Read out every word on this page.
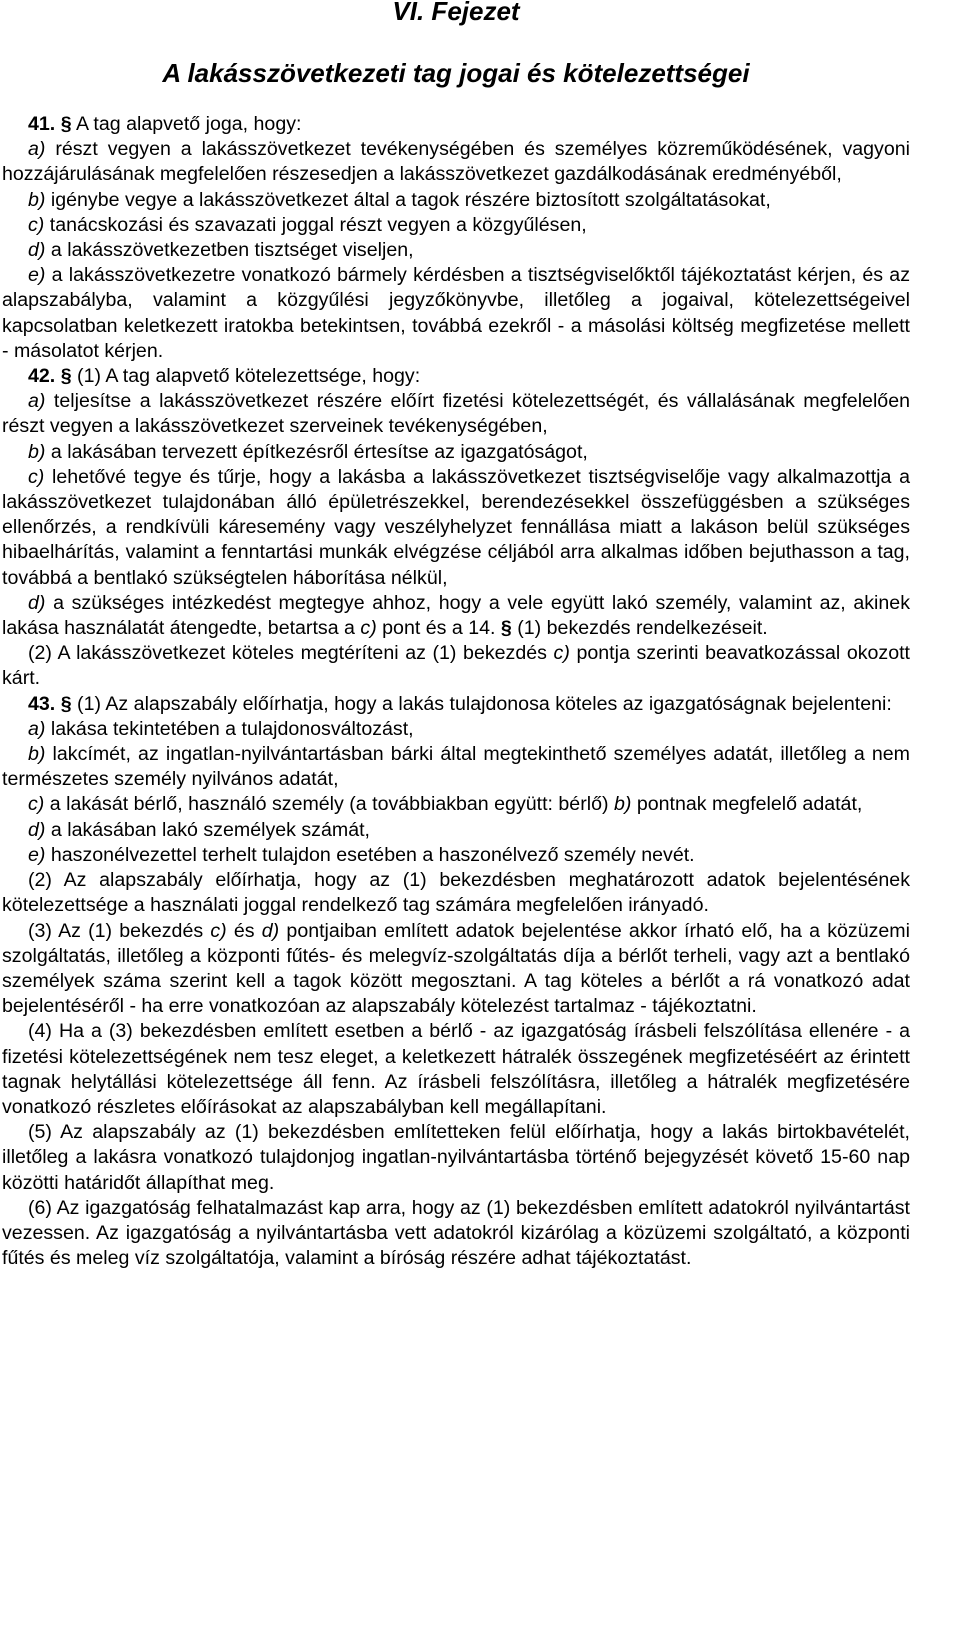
VI. Fejezet
A lakásszövetkezeti tag jogai és kötelezettségei

41. § A tag alapvető joga, hogy:

a) részt vegyen a lakásszövetkezet tevékenységében és személyes közreműködésének, vagyoni hozzájárulásának megfelelően részesedjen a lakásszövetkezet gazdálkodásának eredményéből,

b) igénybe vegye a lakásszövetkezet által a tagok részére biztosított szolgáltatásokat,

c) tanácskozási és szavazati joggal részt vegyen a közgyűlésen,

d) a lakásszövetkezetben tisztséget viseljen,

e) a lakásszövetkezetre vonatkozó bármely kérdésben a tisztségviselőktől tájékoztatást kérjen, és az alapszabályba, valamint a közgyűlési jegyzőkönyvbe, illetőleg a jogaival, kötelezettségeivel kapcsolatban keletkezett iratokba betekintsen, továbbá ezekről - a másolási költség megfizetése mellett - másolatot kérjen.

42. § (1) A tag alapvető kötelezettsége, hogy:

a) teljesítse a lakásszövetkezet részére előírt fizetési kötelezettségét, és vállalásának megfelelően részt vegyen a lakásszövetkezet szerveinek tevékenységében,

b) a lakásában tervezett építkezésről értesítse az igazgatóságot,

c) lehetővé tegye és tűrje, hogy a lakásba a lakásszövetkezet tisztségviselője vagy alkalmazottja a lakásszövetkezet tulajdonában álló épületrészekkel, berendezésekkel összefüggésben a szükséges ellenőrzés, a rendkívüli káresemény vagy veszélyhelyzet fennállása miatt a lakáson belül szükséges hibaelhárítás, valamint a fenntartási munkák elvégzése céljából arra alkalmas időben bejuthasson a tag, továbbá a bentlakó szükségtelen háborítása nélkül,

d) a szükséges intézkedést megtegye ahhoz, hogy a vele együtt lakó személy, valamint az, akinek lakása használatát átengedte, betartsa a c) pont és a 14. § (1) bekezdés rendelkezéseit.

(2) A lakásszövetkezet köteles megtéríteni az (1) bekezdés c) pontja szerinti beavatkozással okozott kárt.

43. § (1) Az alapszabály előírhatja, hogy a lakás tulajdonosa köteles az igazgatóságnak bejelenteni:

a) lakása tekintetében a tulajdonosváltozást,

b) lakcímét, az ingatlan-nyilvántartásban bárki által megtekinthető személyes adatát, illetőleg a nem természetes személy nyilvános adatát,

c) a lakását bérlő, használó személy (a továbbiakban együtt: bérlő) b) pontnak megfelelő adatát,

d) a lakásában lakó személyek számát,

e) haszonélvezettel terhelt tulajdon esetében a haszonélvező személy nevét.

(2) Az alapszabály előírhatja, hogy az (1) bekezdésben meghatározott adatok bejelentésének kötelezettsége a használati joggal rendelkező tag számára megfelelően irányadó.

(3) Az (1) bekezdés c) és d) pontjaiban említett adatok bejelentése akkor írható elő, ha a közüzemi szolgáltatás, illetőleg a központi fűtés- és melegvíz-szolgáltatás díja a bérlőt terheli, vagy azt a bentlakó személyek száma szerint kell a tagok között megosztani. A tag köteles a bérlőt a rá vonatkozó adat bejelentéséről - ha erre vonatkozóan az alapszabály kötelezést tartalmaz - tájékoztatni.

(4) Ha a (3) bekezdésben említett esetben a bérlő - az igazgatóság írásbeli felszólítása ellenére - a fizetési kötelezettségének nem tesz eleget, a keletkezett hátralék összegének megfizetéséért az érintett tagnak helytállási kötelezettsége áll fenn. Az írásbeli felszólításra, illetőleg a hátralék megfizetésére vonatkozó részletes előírásokat az alapszabályban kell megállapítani.

(5) Az alapszabály az (1) bekezdésben említetteken felül előírhatja, hogy a lakás birtokbavételét, illetőleg a lakásra vonatkozó tulajdonjog ingatlan-nyilvántartásba történő bejegyzését követő 15-60 nap közötti határidőt állapíthat meg.

(6) Az igazgatóság felhatalmazást kap arra, hogy az (1) bekezdésben említett adatokról nyilvántartást vezessen. Az igazgatóság a nyilvántartásba vett adatokról kizárólag a közüzemi szolgáltató, a központi fűtés és meleg víz szolgáltatója, valamint a bíróság részére adhat tájékoztatást.
